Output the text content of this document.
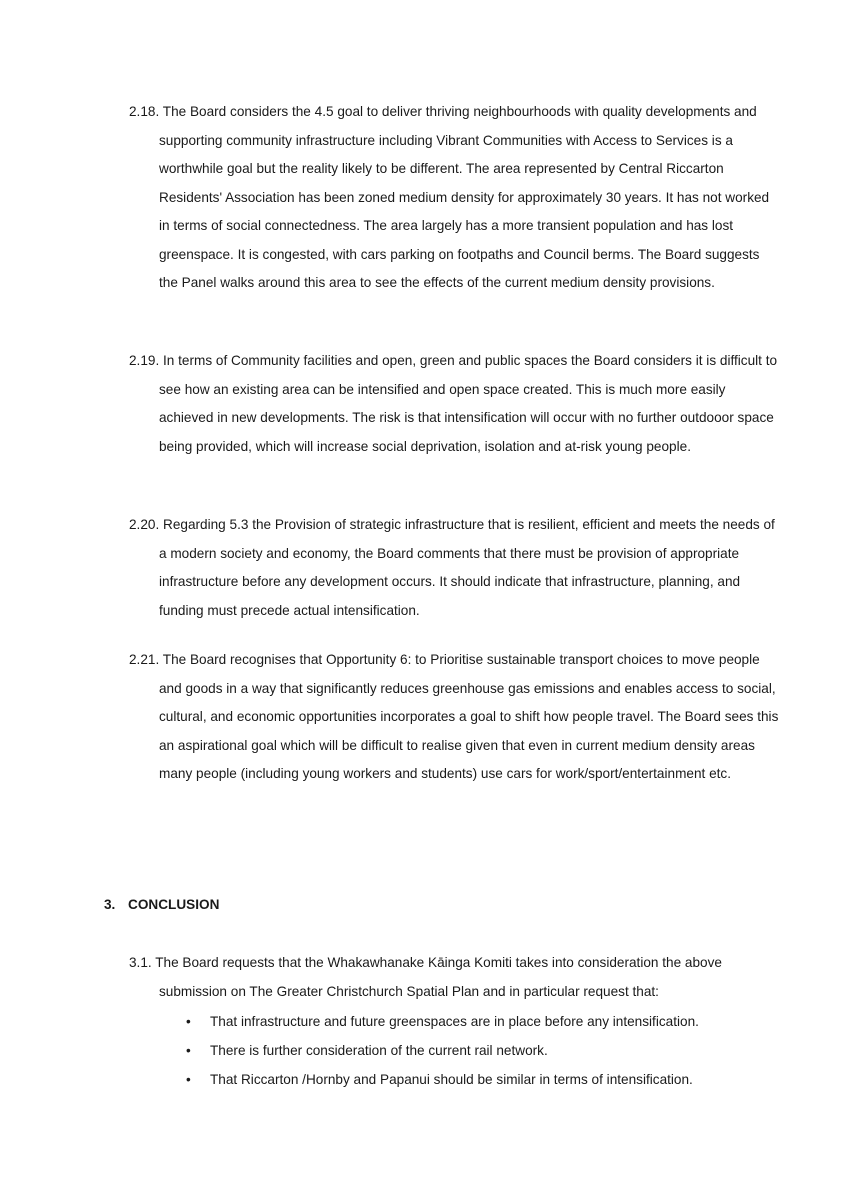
2.18. The Board considers the 4.5 goal to deliver thriving neighbourhoods with quality developments and supporting community infrastructure including Vibrant Communities with Access to Services is a worthwhile goal but the reality likely to be different. The area represented by Central Riccarton Residents' Association has been zoned medium density for approximately 30 years. It has not worked in terms of social connectedness. The area largely has a more transient population and has lost greenspace. It is congested, with cars parking on footpaths and Council berms. The Board suggests the Panel walks around this area to see the effects of the current medium density provisions.

2.19. In terms of Community facilities and open, green and public spaces the Board considers it is difficult to see how an existing area can be intensified and open space created. This is much more easily achieved in new developments. The risk is that intensification will occur with no further outdooor space being provided, which will increase social deprivation, isolation and at-risk young people.

2.20. Regarding 5.3 the Provision of strategic infrastructure that is resilient, efficient and meets the needs of a modern society and economy, the Board comments that there must be provision of appropriate infrastructure before any development occurs. It should indicate that infrastructure, planning, and funding must precede actual intensification.

2.21. The Board recognises that Opportunity 6: to Prioritise sustainable transport choices to move people and goods in a way that significantly reduces greenhouse gas emissions and enables access to social, cultural, and economic opportunities incorporates a goal to shift how people travel. The Board sees this an aspirational goal which will be difficult to realise given that even in current medium density areas many people (including young workers and students) use cars for work/sport/entertainment etc.

3. CONCLUSION

3.1. The Board requests that the Whakawhanake Kāinga Komiti takes into consideration the above submission on The Greater Christchurch Spatial Plan and in particular request that:

• That infrastructure and future greenspaces are in place before any intensification.
• There is further consideration of the current rail network.
• That Riccarton /Hornby and Papanui should be similar in terms of intensification.
